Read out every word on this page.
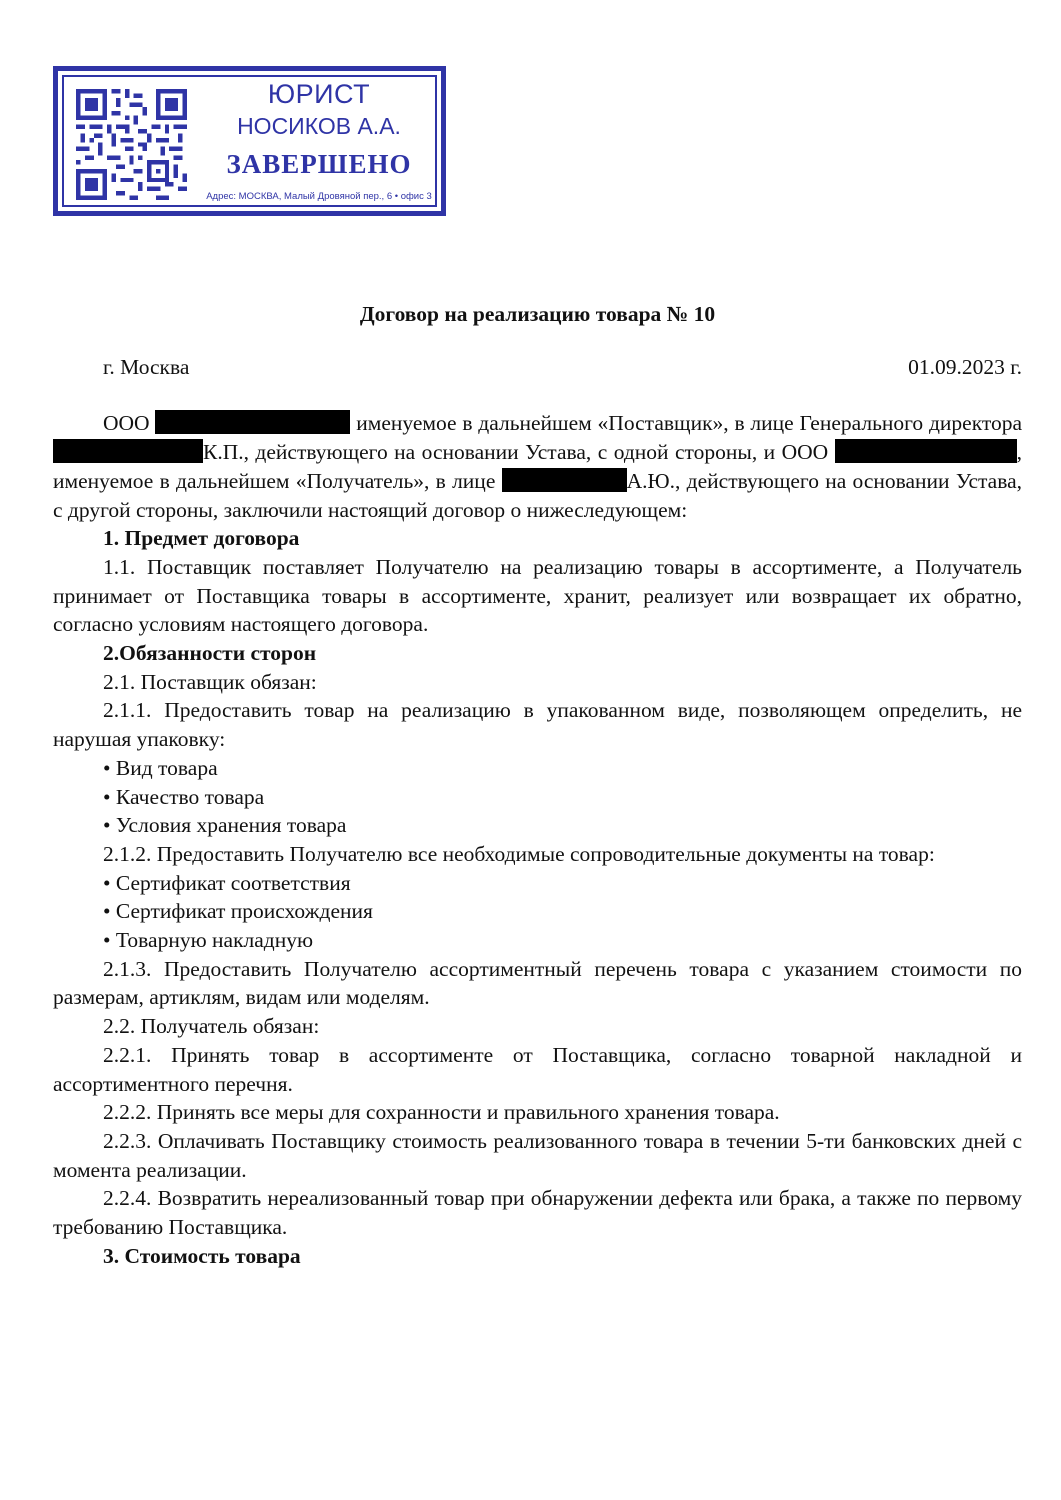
ЮРИСТ
НОСИКОВ А.А.
ЗАВЕРШЕНО
Адрес: МОСКВА, Малый Дровяной пер., 6 • офис 3
Договор на реализацию товара № 10
г. Москва	01.09.2023 г.

ООО	именуемое в дальнейшем «Поставщик», в лице Генерального директора К.П., действующего на основании Устава, с одной стороны, и ООО	, именуемое в дальнейшем «Получатель», в лице	А.Ю., действующего на основании Устава, с другой стороны, заключили настоящий договор о нижеследующем:

1. Предмет договора

1.1. Поставщик поставляет Получателю на реализацию товары в ассортименте, а Получатель принимает от Поставщика товары в ассортименте, хранит, реализует или возвращает их обратно, согласно условиям настоящего договора.

2.Обязанности сторон

2.1. Поставщик обязан:

2.1.1. Предоставить товар на реализацию в упакованном виде, позволяющем определить, не нарушая упаковку:

• Вид товара

• Качество товара

• Условия хранения товара

2.1.2. Предоставить Получателю все необходимые сопроводительные документы на товар:

• Сертификат соответствия

• Сертификат происхождения

• Товарную накладную

2.1.3. Предоставить Получателю ассортиментный перечень товара с указанием стоимости по размерам, артиклям, видам или моделям.

2.2. Получатель обязан:

2.2.1. Принять товар в ассортименте от Поставщика, согласно товарной накладной и ассортиментного перечня.

2.2.2. Принять все меры для сохранности и правильного хранения товара.

2.2.3. Оплачивать Поставщику стоимость реализованного товара в течении 5-ти банковских дней с момента реализации.

2.2.4. Возвратить нереализованный товар при обнаружении дефекта или брака, а также по первому требованию Поставщика.

3. Стоимость товара
